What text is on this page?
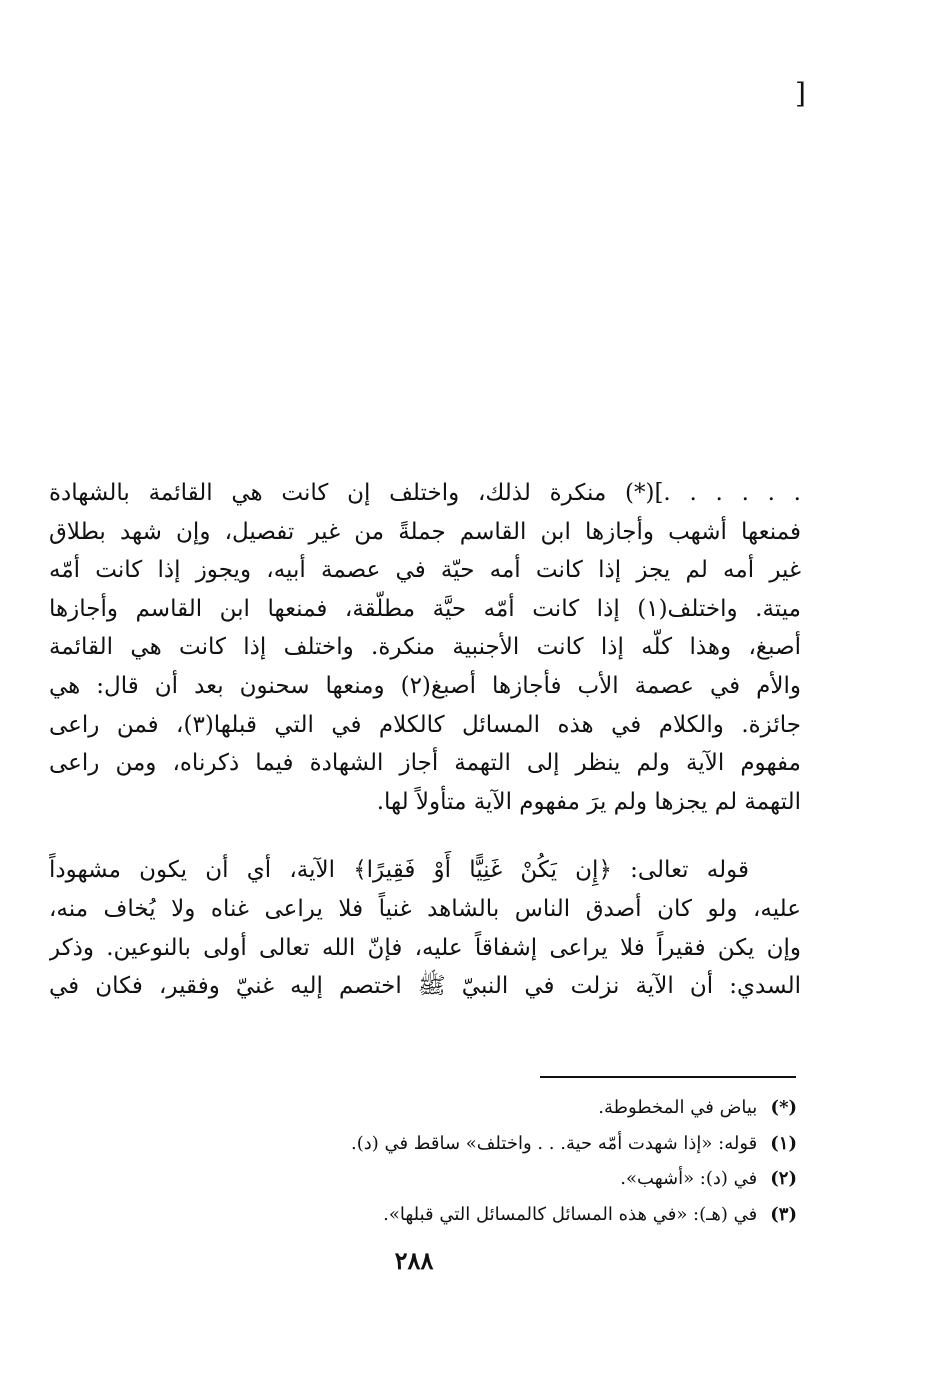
]
. . . . . .](*) منكرة لذلك، واختلف إن كانت هي القائمة بالشهادة
فمنعها أشهب وأجازها ابن القاسم جملةً من غير تفصيل، وإن شهد بطلاق
غير أمه لم يجز إذا كانت أمه حيّة في عصمة أبيه، ويجوز إذا كانت أمّه
ميتة. واختلف(١) إذا كانت أمّه حيَّة مطلّقة، فمنعها ابن القاسم وأجازها
أصبغ، وهذا كلّه إذا كانت الأجنبية منكرة. واختلف إذا كانت هي القائمة
والأم في عصمة الأب فأجازها أصبغ(٢) ومنعها سحنون بعد أن قال: هي
جائزة. والكلام في هذه المسائل كالكلام في التي قبلها(٣)، فمن راعى
مفهوم الآية ولم ينظر إلى التهمة أجاز الشهادة فيما ذكرناه، ومن راعى
التهمة لم يجزها ولم يرَ مفهوم الآية متأولاً لها.
قوله تعالى: ﴿إِن يَكُنْ غَنِيًّا أَوْ فَقِيرًا﴾ الآية، أي أن يكون مشهوداً
عليه، ولو كان أصدق الناس بالشاهد غنياً فلا يراعى غناه ولا يُخاف منه،
وإن يكن فقيراً فلا يراعى إشفاقاً عليه، فإنّ الله تعالى أولى بالنوعين. وذكر
السدي: أن الآية نزلت في النبيّ ﷺ اختصم إليه غنيّ وفقير، فكان في
(*) بياض في المخطوطة.
(١) قوله: «إذا شهدت أمّه حية. . . واختلف» ساقط في (د).
(٢) في (د): «أشهب».
(٣) في (هـ): «في هذه المسائل كالمسائل التي قبلها».
٢٨٨
